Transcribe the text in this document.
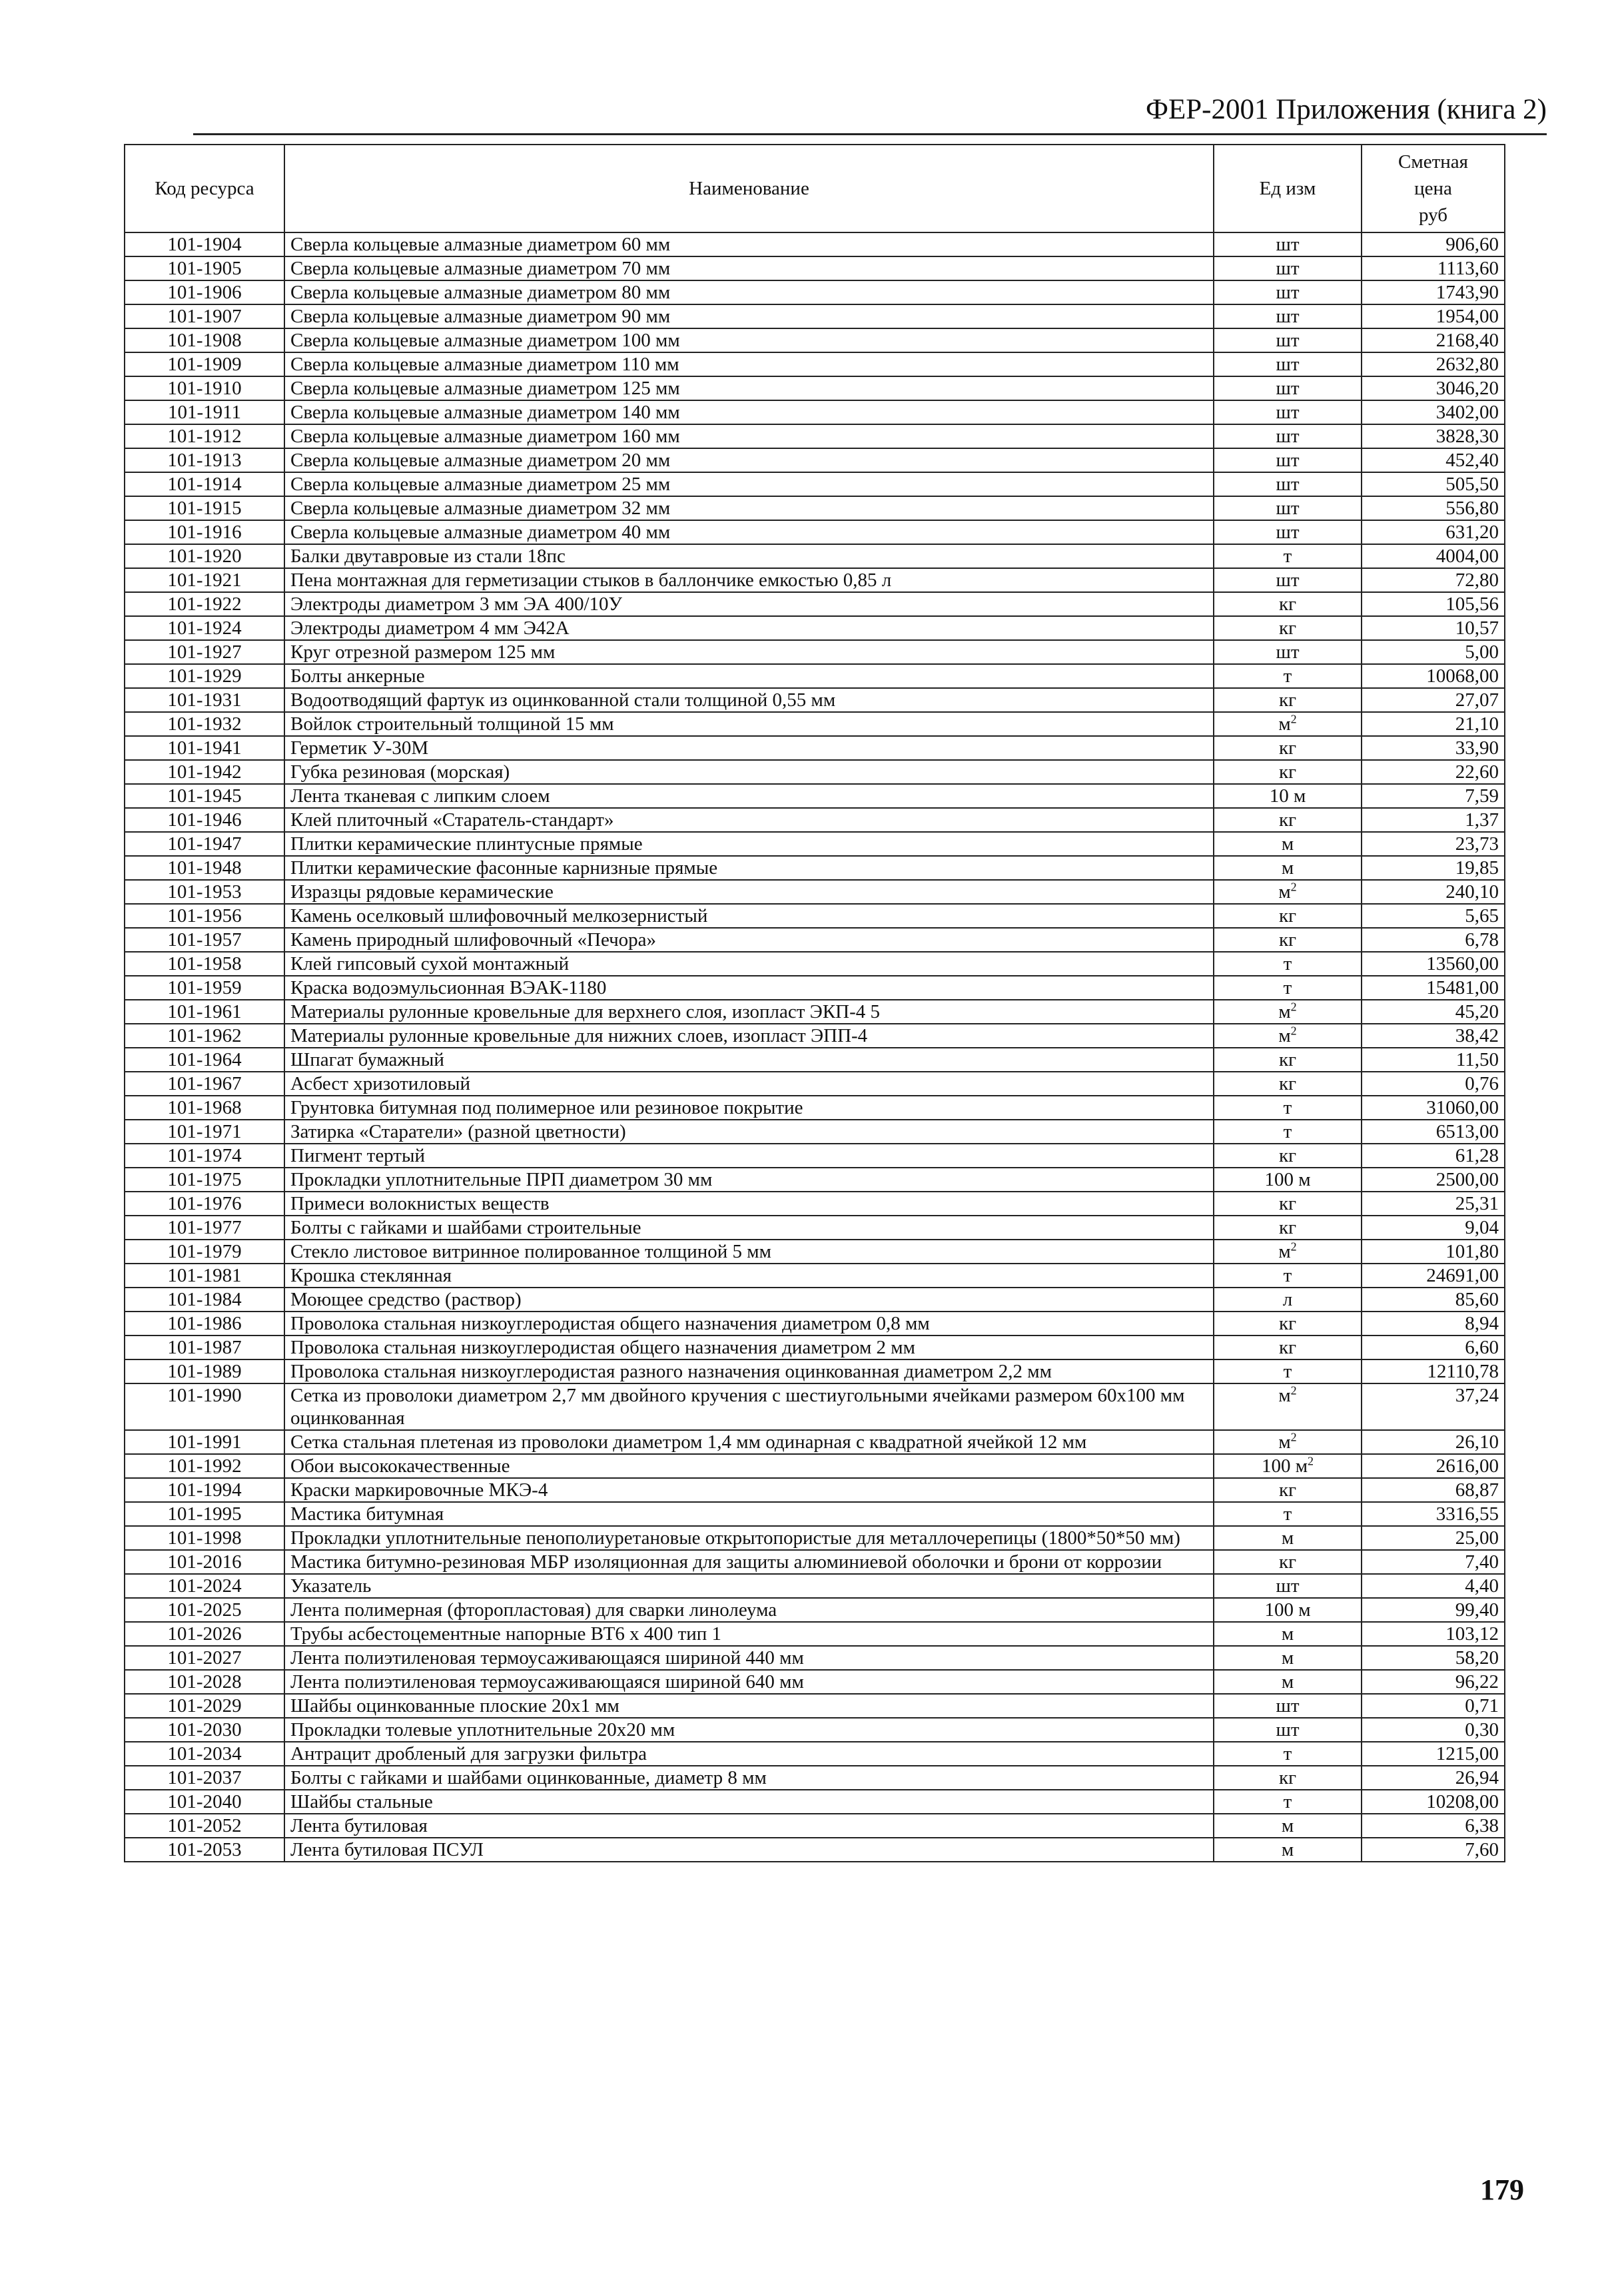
ФЕР-2001 Приложения (книга 2)
Код ресурса	Наименование	Ед изм	Сметная
цена
руб

101-1904	Сверла кольцевые алмазные диаметром 60 мм	шт	906,60
101-1905	Сверла кольцевые алмазные диаметром 70 мм	шт	1113,60
101-1906	Сверла кольцевые алмазные диаметром 80 мм	шт	1743,90
101-1907	Сверла кольцевые алмазные диаметром 90 мм	шт	1954,00
101-1908	Сверла кольцевые алмазные диаметром 100 мм	шт	2168,40
101-1909	Сверла кольцевые алмазные диаметром 110 мм	шт	2632,80
101-1910	Сверла кольцевые алмазные диаметром 125 мм	шт	3046,20
101-1911	Сверла кольцевые алмазные диаметром 140 мм	шт	3402,00
101-1912	Сверла кольцевые алмазные диаметром 160 мм	шт	3828,30
101-1913	Сверла кольцевые алмазные диаметром 20 мм	шт	452,40
101-1914	Сверла кольцевые алмазные диаметром 25 мм	шт	505,50
101-1915	Сверла кольцевые алмазные диаметром 32 мм	шт	556,80
101-1916	Сверла кольцевые алмазные диаметром 40 мм	шт	631,20
101-1920	Балки двутавровые из стали 18пс	т	4004,00
101-1921	Пена монтажная для герметизации стыков в баллончике емкостью 0,85 л	шт	72,80
101-1922	Электроды диаметром 3 мм ЭА 400/10У	кг	105,56
101-1924	Электроды диаметром 4 мм Э42А	кг	10,57
101-1927	Круг отрезной размером 125 мм	шт	5,00
101-1929	Болты анкерные	т	10068,00
101-1931	Водоотводящий фартук из оцинкованной стали толщиной 0,55 мм	кг	27,07
101-1932	Войлок строительный толщиной 15 мм	$м^2$	21,10
101-1941	Герметик У-30М	кг	33,90
101-1942	Губка резиновая (морская)	кг	22,60
101-1945	Лента тканевая с липким слоем	10 м	7,59
101-1946	Клей плиточный «Старатель-стандарт»	кг	1,37
101-1947	Плитки керамические плинтусные прямые	м	23,73
101-1948	Плитки керамические фасонные карнизные прямые	м	19,85
101-1953	Изразцы рядовые керамические	$м^2$	240,10
101-1956	Камень оселковый шлифовочный мелкозернистый	кг	5,65
101-1957	Камень природный шлифовочный «Печора»	кг	6,78
101-1958	Клей гипсовый сухой монтажный	т	13560,00
101-1959	Краска водоэмульсионная ВЭАК-1180	т	15481,00
101-1961	Материалы рулонные кровельные для верхнего слоя, изопласт ЭКП-4 5	$м^2$	45,20
101-1962	Материалы рулонные кровельные для нижних слоев, изопласт ЭПП-4	$м^2$	38,42
101-1964	Шпагат бумажный	кг	11,50
101-1967	Асбест хризотиловый	кг	0,76
101-1968	Грунтовка битумная под полимерное или резиновое покрытие	т	31060,00
101-1971	Затирка «Старатели» (разной цветности)	т	6513,00
101-1974	Пигмент тертый	кг	61,28
101-1975	Прокладки уплотнительные ПРП диаметром 30 мм	100 м	2500,00
101-1976	Примеси волокнистых веществ	кг	25,31
101-1977	Болты с гайками и шайбами строительные	кг	9,04
101-1979	Стекло листовое витринное полированное толщиной 5 мм	$м^2$	101,80
101-1981	Крошка стеклянная	т	24691,00
101-1984	Моющее средство (раствор)	л	85,60
101-1986	Проволока стальная низкоуглеродистая общего назначения диаметром 0,8 мм	кг	8,94
101-1987	Проволока стальная низкоуглеродистая общего назначения диаметром 2 мм	кг	6,60
101-1989	Проволока стальная низкоуглеродистая разного назначения оцинкованная диаметром 2,2 мм	т	12110,78
101-1990	Сетка из проволоки диаметром 2,7 мм двойного кручения с шестиугольными ячейками размером 60х100 мм оцинкованная	$м^2$	37,24
101-1991	Сетка стальная плетеная из проволоки диаметром 1,4 мм одинарная с квадратной ячейкой 12 мм	$м^2$	26,10
101-1992	Обои высококачественные	100 $м^2$	2616,00
101-1994	Краски маркировочные МКЭ-4	кг	68,87
101-1995	Мастика битумная	т	3316,55
101-1998	Прокладки уплотнительные пенополиуретановые открытопористые для металлочерепицы (1800*50*50 мм)	м	25,00
101-2016	Мастика битумно-резиновая МБР изоляционная для защиты алюминиевой оболочки и брони от коррозии	кг	7,40
101-2024	Указатель	шт	4,40
101-2025	Лента полимерная (фторопластовая) для сварки линолеума	100 м	99,40
101-2026	Трубы асбестоцементные напорные ВТ6 х 400 тип 1	м	103,12
101-2027	Лента полиэтиленовая термоусаживающаяся шириной 440 мм	м	58,20
101-2028	Лента полиэтиленовая термоусаживающаяся шириной 640 мм	м	96,22
101-2029	Шайбы оцинкованные плоские 20х1 мм	шт	0,71
101-2030	Прокладки толевые уплотнительные 20х20 мм	шт	0,30
101-2034	Антрацит дробленый для загрузки фильтра	т	1215,00
101-2037	Болты с гайками и шайбами оцинкованные, диаметр 8 мм	кг	26,94
101-2040	Шайбы стальные	т	10208,00
101-2052	Лента бутиловая	м	6,38
101-2053	Лента бутиловая ПСУЛ	м	7,60
179
